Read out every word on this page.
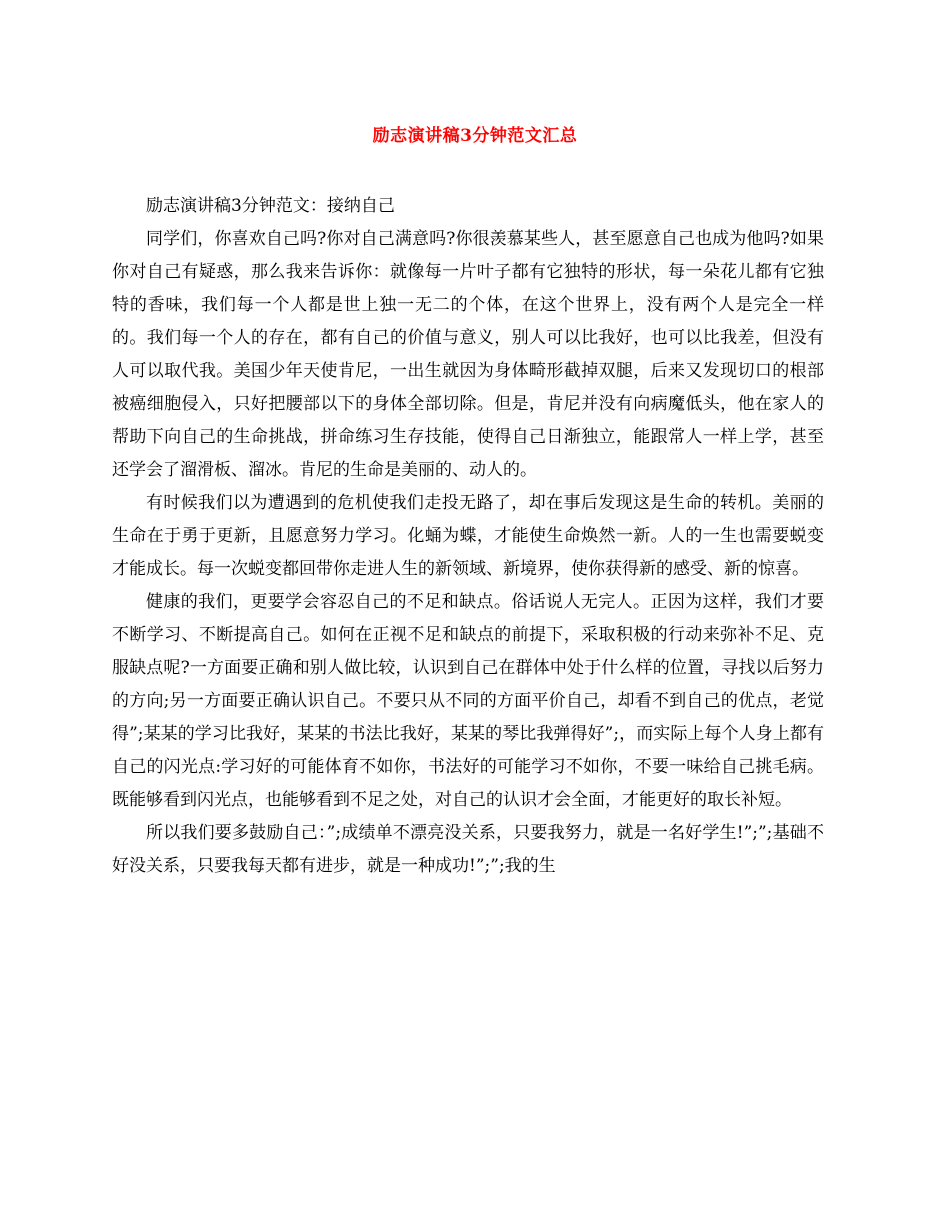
励志演讲稿3分钟范文汇总

励志演讲稿3分钟范文：接纳自己

同学们，你喜欢自己吗?你对自己满意吗?你很羡慕某些人，甚至愿意自己也成为他吗?如果你对自己有疑惑，那么我来告诉你：就像每一片叶子都有它独特的形状，每一朵花儿都有它独特的香味，我们每一个人都是世上独一无二的个体，在这个世界上，没有两个人是完全一样的。我们每一个人的存在，都有自己的价值与意义，别人可以比我好，也可以比我差，但没有人可以取代我。美国少年天使肯尼，一出生就因为身体畸形截掉双腿，后来又发现切口的根部被癌细胞侵入，只好把腰部以下的身体全部切除。但是，肯尼并没有向病魔低头，他在家人的帮助下向自己的生命挑战，拼命练习生存技能，使得自己日渐独立，能跟常人一样上学，甚至还学会了溜滑板、溜冰。肯尼的生命是美丽的、动人的。

有时候我们以为遭遇到的危机使我们走投无路了，却在事后发现这是生命的转机。美丽的生命在于勇于更新，且愿意努力学习。化蛹为蝶，才能使生命焕然一新。人的一生也需要蜕变才能成长。每一次蜕变都回带你走进人生的新领域、新境界，使你获得新的感受、新的惊喜。

健康的我们，更要学会容忍自己的不足和缺点。俗话说人无完人。正因为这样，我们才要不断学习、不断提高自己。如何在正视不足和缺点的前提下，采取积极的行动来弥补不足、克服缺点呢?一方面要正确和别人做比较，认识到自己在群体中处于什么样的位置，寻找以后努力的方向;另一方面要正确认识自己。不要只从不同的方面平价自己，却看不到自己的优点，老觉得”;某某的学习比我好，某某的书法比我好，某某的琴比我弹得好”;，而实际上每个人身上都有自己的闪光点:学习好的可能体育不如你，书法好的可能学习不如你，不要一味给自己挑毛病。既能够看到闪光点，也能够看到不足之处，对自己的认识才会全面，才能更好的取长补短。

所以我们要多鼓励自己：”;成绩单不漂亮没关系，只要我努力，就是一名好学生!”;”;基础不好没关系，只要我每天都有进步，就是一种成功!”;”;我的生
